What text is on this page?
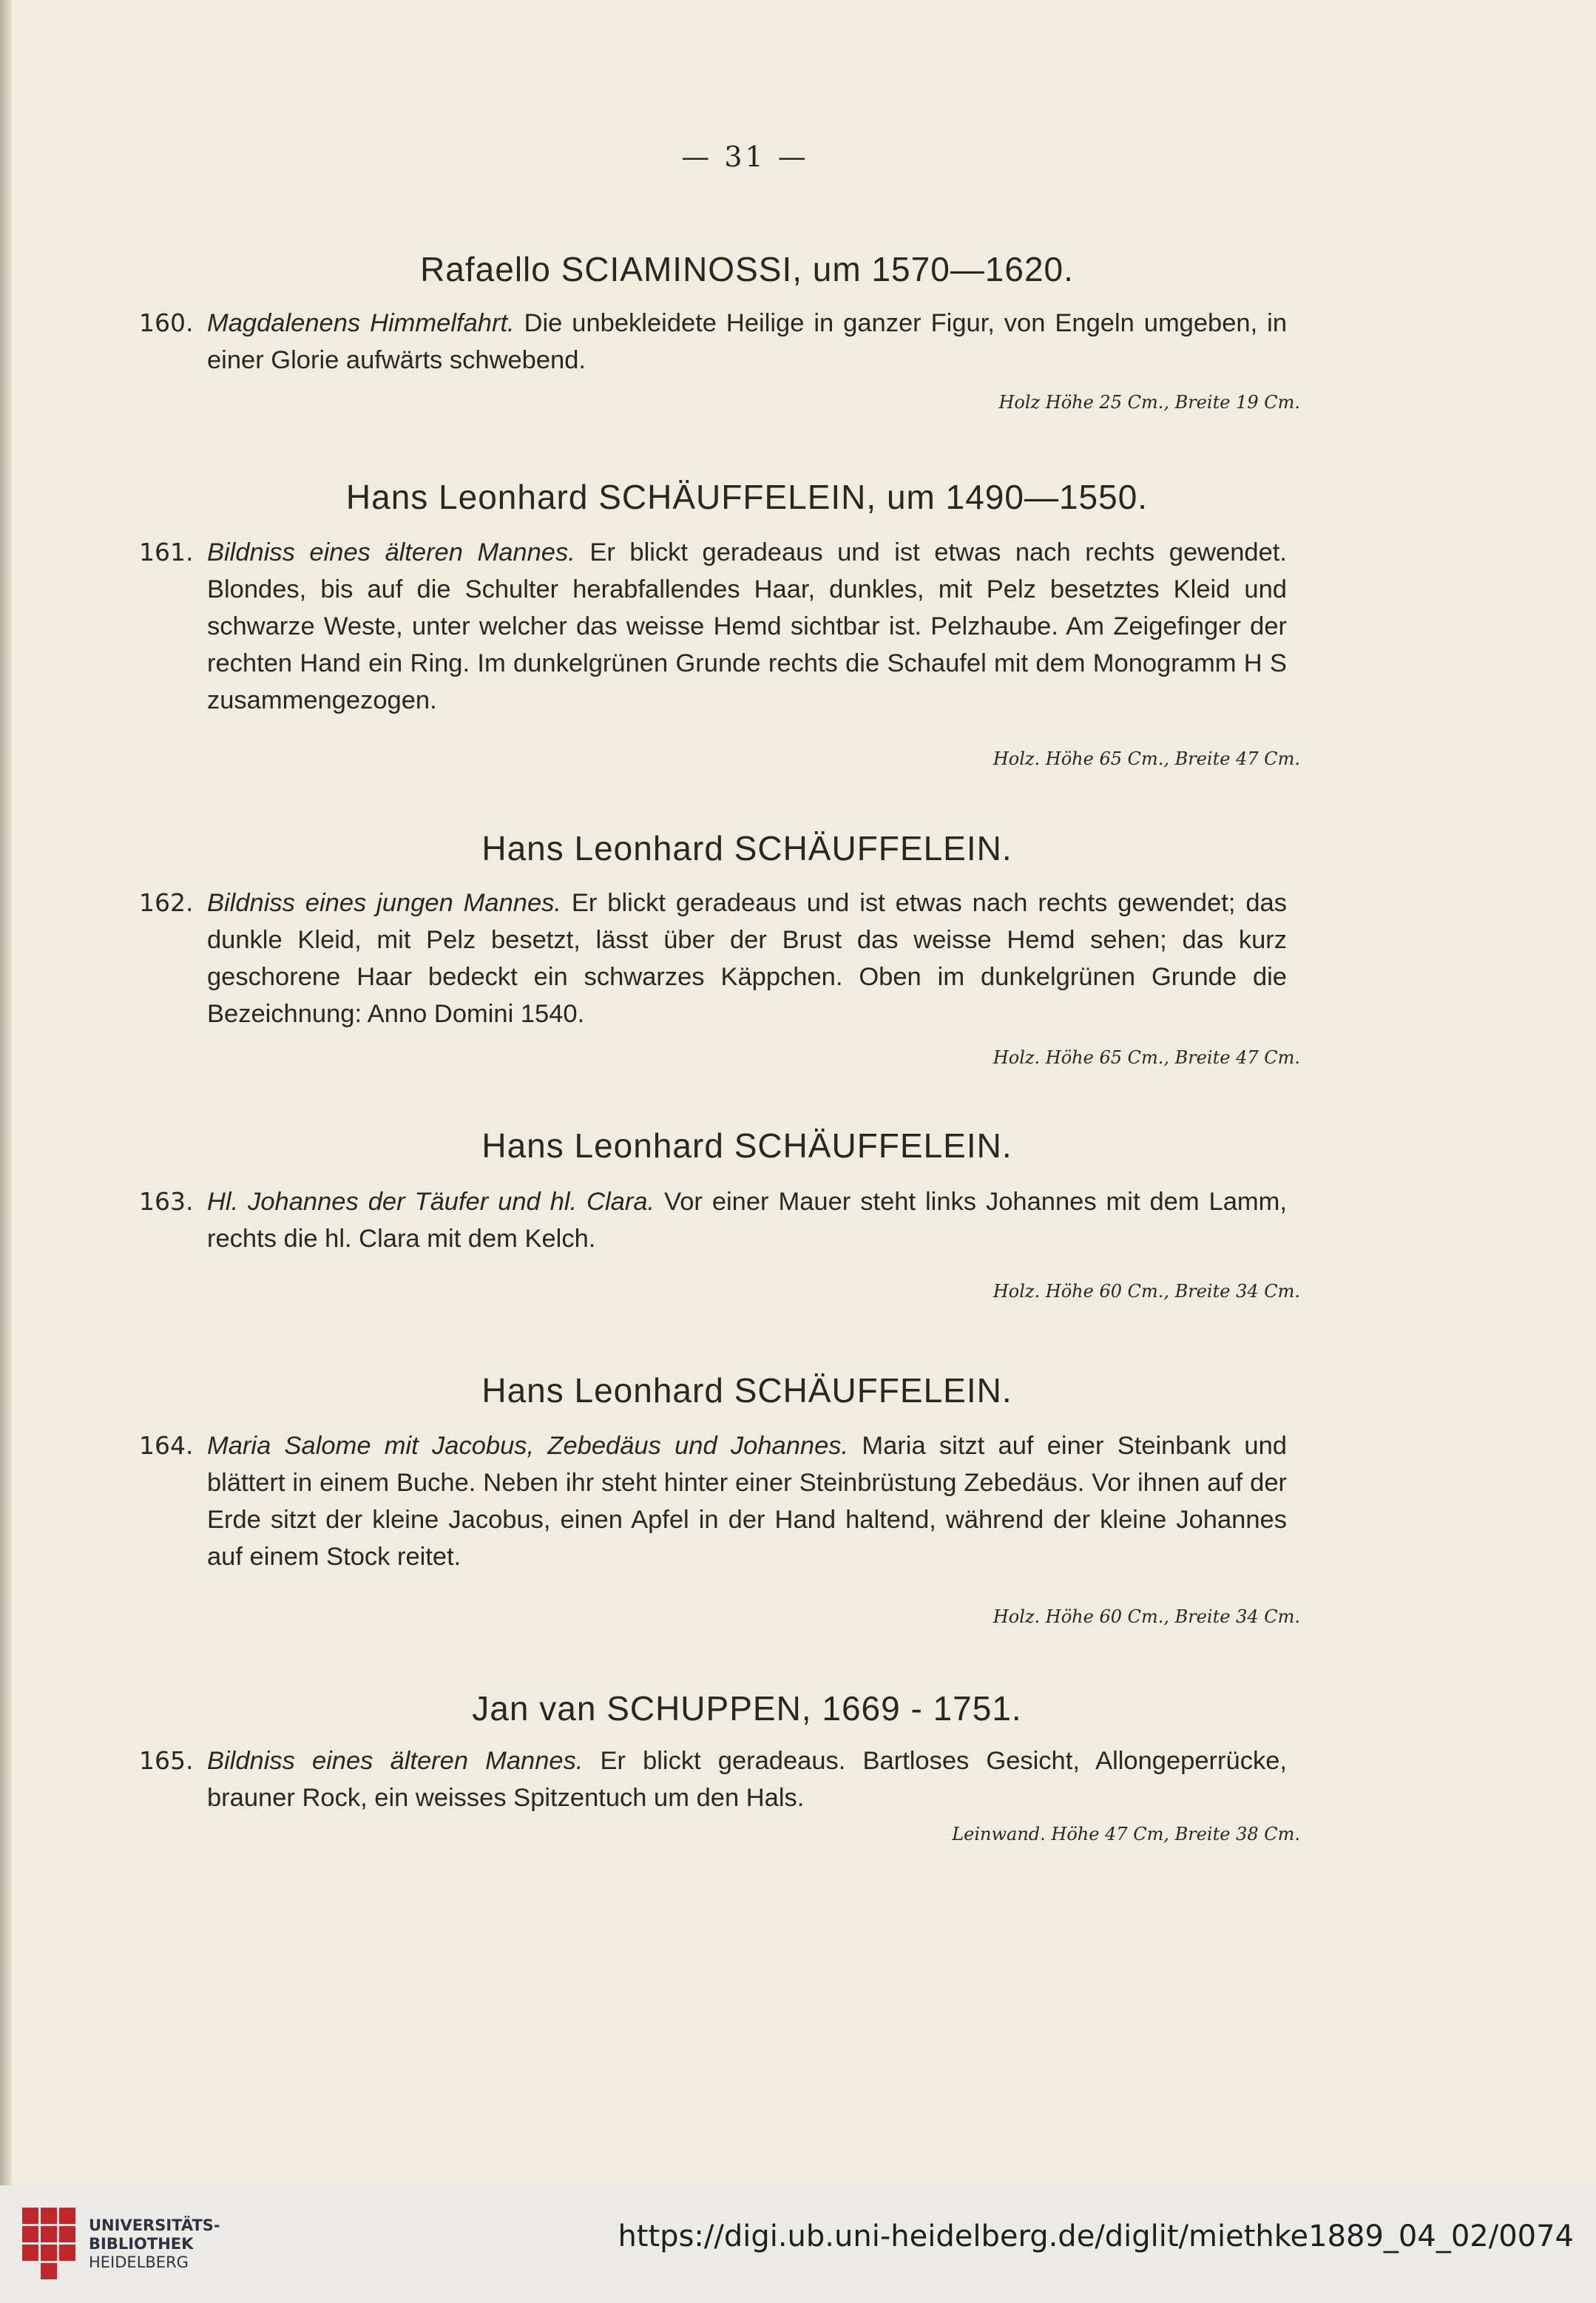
— 31 —
Rafaello SCIAMINOSSI, um 1570—1620.
160. Magdalenens Himmelfahrt. Die unbekleidete Heilige in ganzer Figur, von Engeln umgeben, in einer Glorie aufwärts schwebend.
Holz Höhe 25 Cm., Breite 19 Cm.
Hans Leonhard SCHÄUFFELEIN, um 1490—1550.
161. Bildniss eines älteren Mannes. Er blickt geradeaus und ist etwas nach rechts gewendet. Blondes, bis auf die Schulter herabfallendes Haar, dunkles, mit Pelz besetztes Kleid und schwarze Weste, unter welcher das weisse Hemd sichtbar ist. Pelzhaube. Am Zeigefinger der rechten Hand ein Ring. Im dunkelgrünen Grunde rechts die Schaufel mit dem Monogramm H S zusammengezogen.
Holz. Höhe 65 Cm., Breite 47 Cm.
Hans Leonhard SCHÄUFFELEIN.
162. Bildniss eines jungen Mannes. Er blickt geradeaus und ist etwas nach rechts gewendet; das dunkle Kleid, mit Pelz besetzt, lässt über der Brust das weisse Hemd sehen; das kurz geschorene Haar bedeckt ein schwarzes Käppchen. Oben im dunkelgrünen Grunde die Bezeichnung: Anno Domini 1540.
Holz. Höhe 65 Cm., Breite 47 Cm.
Hans Leonhard SCHÄUFFELEIN.
163. Hl. Johannes der Täufer und hl. Clara. Vor einer Mauer steht links Johannes mit dem Lamm, rechts die hl. Clara mit dem Kelch.
Holz. Höhe 60 Cm., Breite 34 Cm.
Hans Leonhard SCHÄUFFELEIN.
164. Maria Salome mit Jacobus, Zebedäus und Johannes. Maria sitzt auf einer Steinbank und blättert in einem Buche. Neben ihr steht hinter einer Steinbrüstung Zebedäus. Vor ihnen auf der Erde sitzt der kleine Jacobus, einen Apfel in der Hand haltend, während der kleine Johannes auf einem Stock reitet.
Holz. Höhe 60 Cm., Breite 34 Cm.
Jan van SCHUPPEN, 1669 - 1751.
165. Bildniss eines älteren Mannes. Er blickt geradeaus. Bartloses Gesicht, Allongeperrücke, brauner Rock, ein weisses Spitzentuch um den Hals.
Leinwand. Höhe 47 Cm, Breite 38 Cm.
UNIVERSITÄTS-
BIBLIOTHEK
HEIDELBERG
https://digi.ub.uni-heidelberg.de/diglit/miethke1889_04_02/0074
